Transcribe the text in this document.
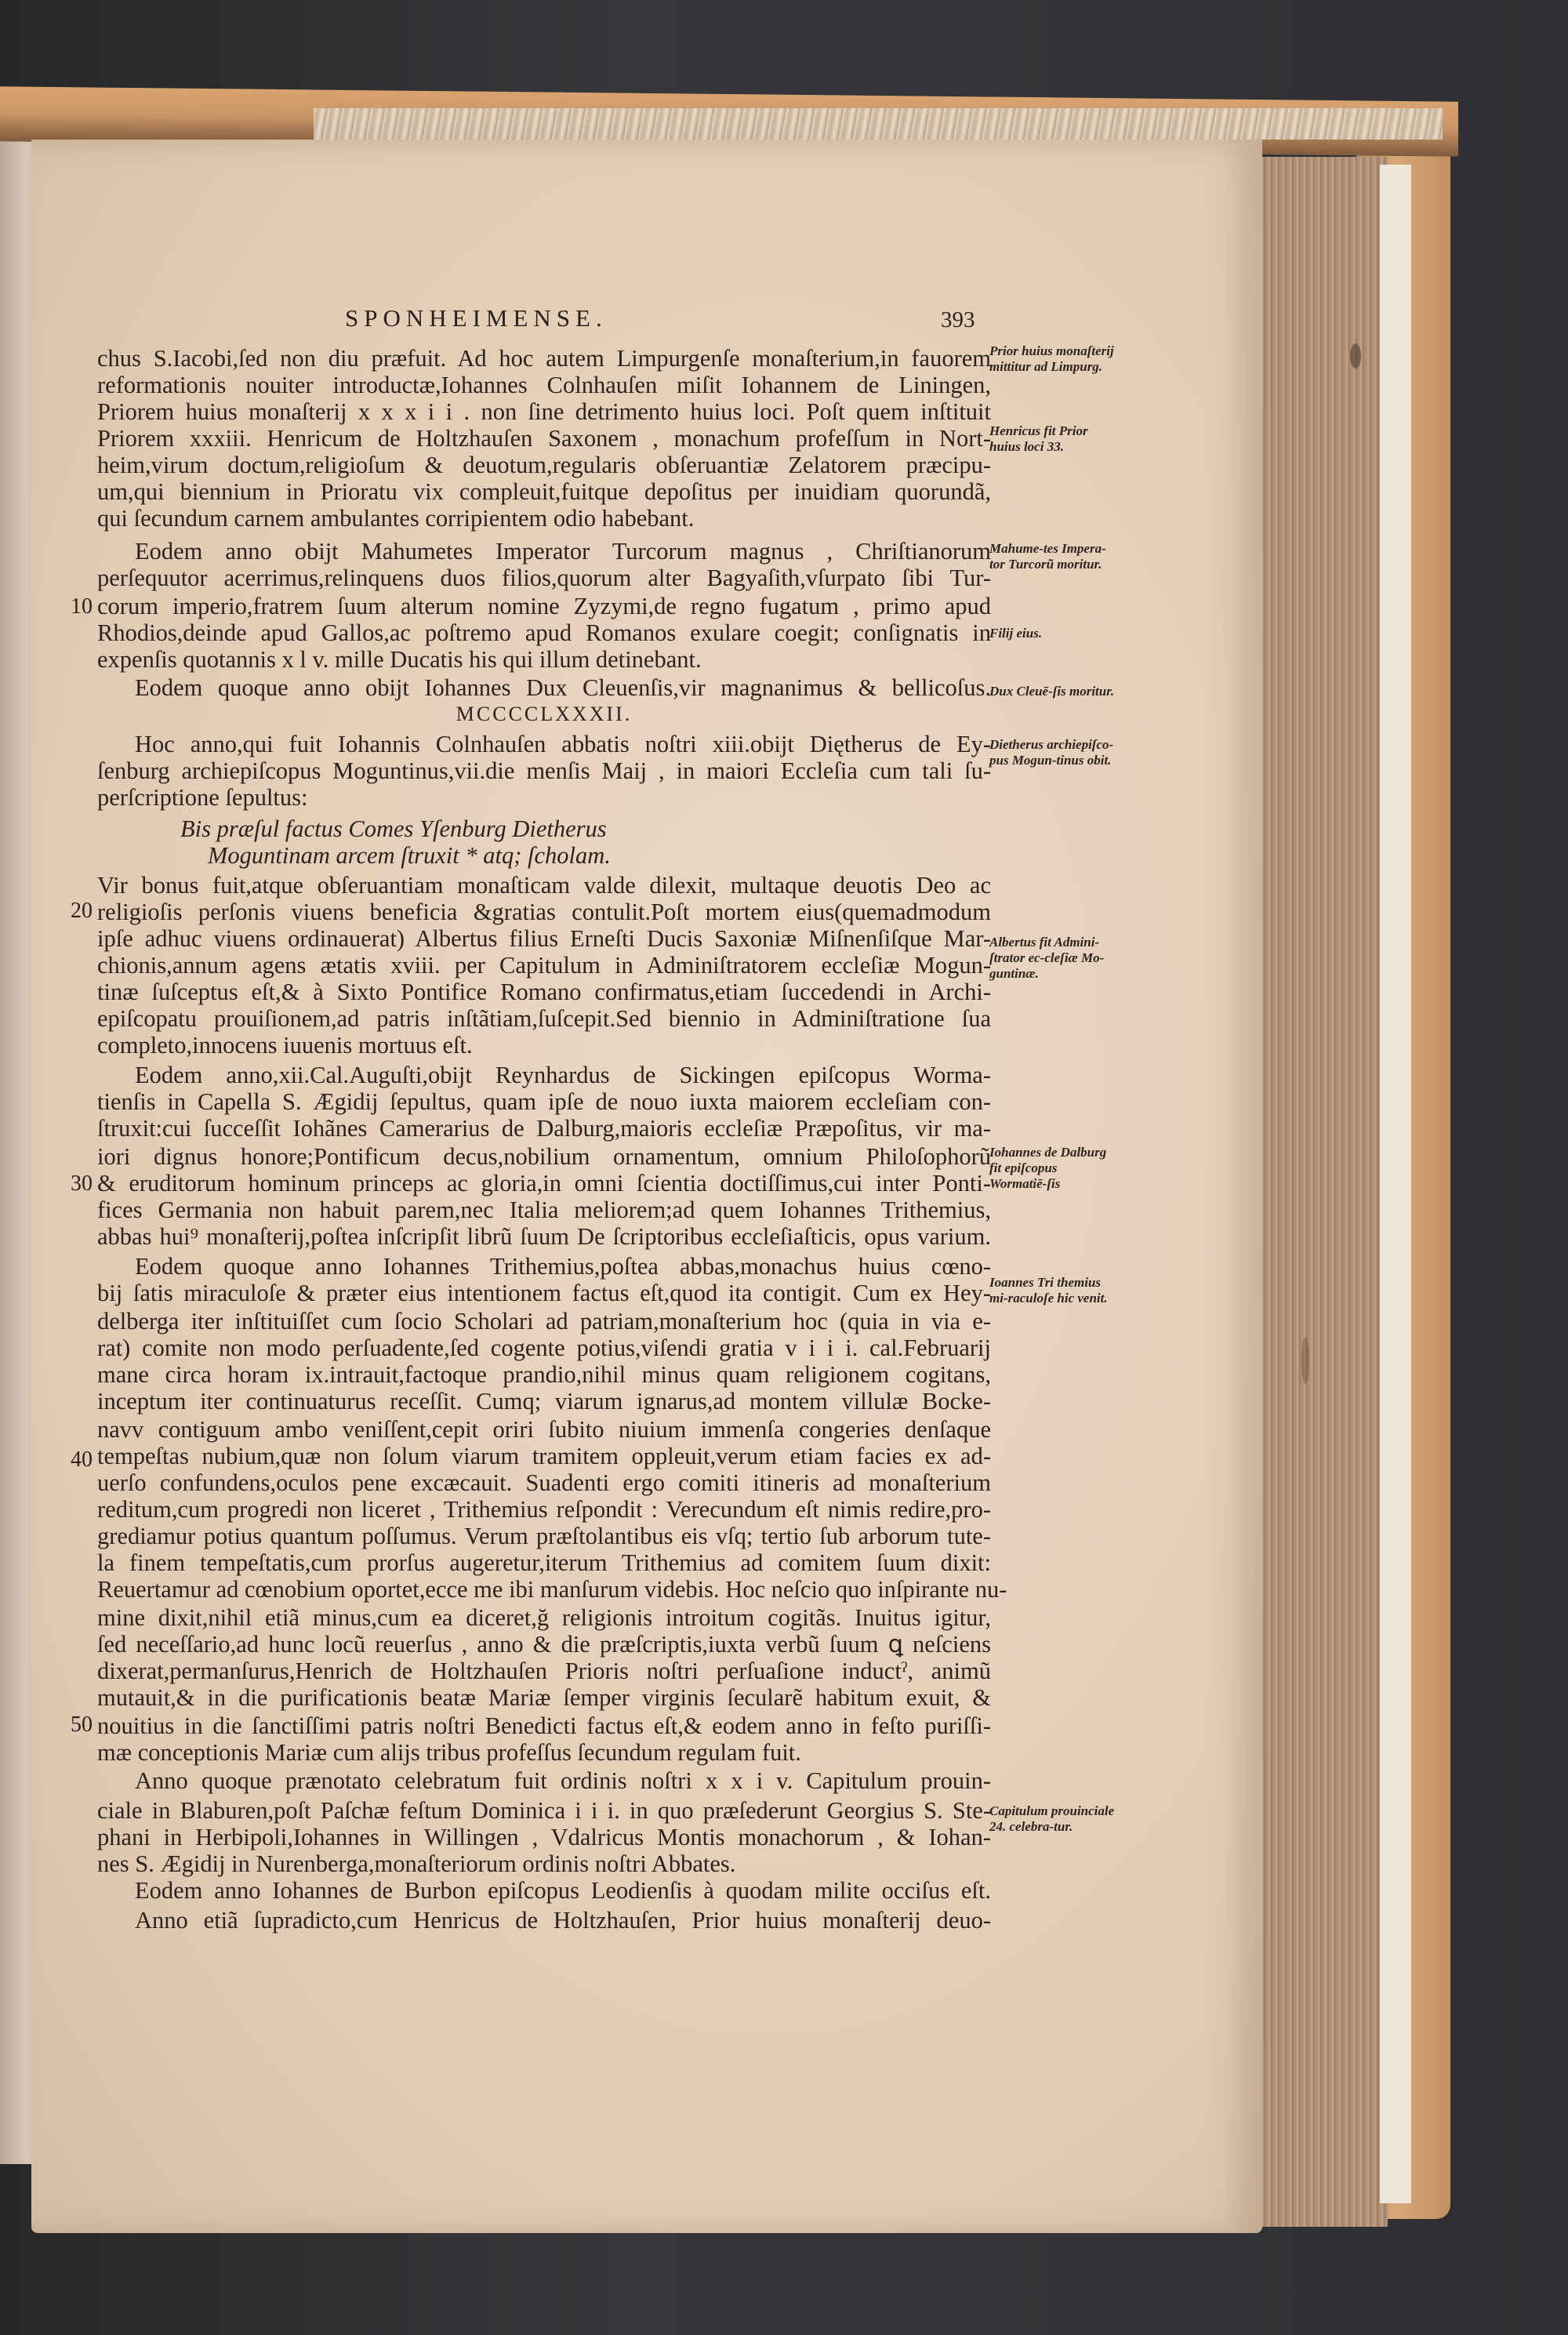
SPONHEIMENSE.	393
chus S.Iacobi,ſed non diu præfuit. Ad hoc autem Limpurgenſe monaſterium,in fauorem
reformationis nouiter introductæ,Iohannes Colnhauſen miſit Iohannem de Liningen,
Priorem huius monaſterij x x x i i . non ſine detrimento huius loci. Poſt quem inſtituit
Priorem xxxiii. Henricum de Holtzhauſen Saxonem , monachum profeſſum in Nort-
heim,virum doctum,religioſum & deuotum,regularis obſeruantiæ Zelatorem præcipu-
um,qui biennium in Prioratu vix compleuit,fuitque depoſitus per inuidiam quorundã,
qui ſecundum carnem ambulantes corripientem odio habebant.
Eodem anno obijt Mahumetes Imperator Turcorum magnus , Chriſtianorum
perſequutor acerrimus,relinquens duos filios,quorum alter Bagyaſith,vſurpato ſibi Tur-
corum imperio,fratrem ſuum alterum nomine Zyzymi,de regno fugatum , primo apud
Rhodios,deinde apud Gallos,ac poſtremo apud Romanos exulare coegit; conſignatis in
expenſis quotannis x l v. mille Ducatis his qui illum detinebant.
Eodem quoque anno obijt Iohannes Dux Cleuenſis,vir magnanimus & bellicoſus.
MCCCCLXXXII.
Hoc anno,qui fuit Iohannis Colnhauſen abbatis noſtri xiii.obijt Diętherus de Ey-
ſenburg archiepiſcopus Moguntinus,vii.die menſis Maij , in maiori Eccleſia cum tali ſu-
perſcriptione ſepultus:
Bis præſul factus Comes Yſenburg Dietherus
Moguntinam arcem ſtruxit * atq; ſcholam.
Vir bonus fuit,atque obſeruantiam monaſticam valde dilexit, multaque deuotis Deo ac
religioſis perſonis viuens beneficia &gratias contulit.Poſt mortem eius(quemadmodum
ipſe adhuc viuens ordinauerat) Albertus filius Erneſti Ducis Saxoniæ Miſnenſiſque Mar-
chionis,annum agens ætatis xviii. per Capitulum in Adminiſtratorem eccleſiæ Mogun-
tinæ ſuſceptus eſt,& à Sixto Pontifice Romano confirmatus,etiam ſuccedendi in Archi-
epiſcopatu prouiſionem,ad patris inſtãtiam,ſuſcepit.Sed biennio in Adminiſtratione ſua
completo,innocens iuuenis mortuus eſt.
Eodem anno,xii.Cal.Auguſti,obijt Reynhardus de Sickingen epiſcopus Worma-
tienſis in Capella S. Ægidij ſepultus, quam ipſe de nouo iuxta maiorem eccleſiam con-
ſtruxit:cui ſucceſſit Iohãnes Camerarius de Dalburg,maioris eccleſiæ Præpoſitus, vir ma-
iori dignus honore;Pontificum decus,nobilium ornamentum, omnium Philoſophorũ
& eruditorum hominum princeps ac gloria,in omni ſcientia doctiſſimus,cui inter Ponti-
fices Germania non habuit parem,nec Italia meliorem;ad quem Iohannes Trithemius,
abbas hui⁹ monaſterij,poſtea inſcripſit librũ ſuum De ſcriptoribus eccleſiaſticis, opus varium.
Eodem quoque anno Iohannes Trithemius,poſtea abbas,monachus huius cœno-
bij ſatis miraculoſe & præter eius intentionem factus eſt,quod ita contigit. Cum ex Hey-
delberga iter inſtituiſſet cum ſocio Scholari ad patriam,monaſterium hoc (quia in via e-
rat) comite non modo perſuadente,ſed cogente potius,viſendi gratia v i i i. cal.Februarij
mane circa horam ix.intrauit,factoque prandio,nihil minus quam religionem cogitans,
inceptum iter continuaturus receſſit. Cumq; viarum ignarus,ad montem villulæ Bocke-
navv contiguum ambo veniſſent,cepit oriri ſubito niuium immenſa congeries denſaque
tempeſtas nubium,quæ non ſolum viarum tramitem oppleuit,verum etiam facies ex ad-
uerſo confundens,oculos pene excæcauit. Suadenti ergo comiti itineris ad monaſterium
reditum,cum progredi non liceret , Trithemius reſpondit : Verecundum eſt nimis redire,pro-
grediamur potius quantum poſſumus. Verum præſtolantibus eis vſq; tertio ſub arborum tute-
la finem tempeſtatis,cum prorſus augeretur,iterum Trithemius ad comitem ſuum dixit:
Reuertamur ad cœnobium oportet,ecce me ibi manſurum videbis. Hoc neſcio quo inſpirante nu-
mine dixit,nihil etiã minus,cum ea diceret,ğ religionis introitum cogitãs. Inuitus igitur,
ſed neceſſario,ad hunc locũ reuerſus , anno & die præſcriptis,iuxta verbũ ſuum ꝗ neſciens
dixerat,permanſurus,Henrich de Holtzhauſen Prioris noſtri perſuaſione inductˀ, animũ
mutauit,& in die purificationis beatæ Mariæ ſemper virginis ſecularẽ habitum exuit, &
nouitius in die ſanctiſſimi patris noſtri Benedicti factus eſt,& eodem anno in feſto puriſſi-
mæ conceptionis Mariæ cum alijs tribus profeſſus ſecundum regulam fuit.
Anno quoque prænotato celebratum fuit ordinis noſtri x x i v. Capitulum prouin-
ciale in Blaburen,poſt Paſchæ feſtum Dominica i i i. in quo præſederunt Georgius S. Ste-
phani in Herbipoli,Iohannes in Willingen , Vdalricus Montis monachorum , & Iohan-
nes S. Ægidij in Nurenberga,monaſteriorum ordinis noſtri Abbates.
Eodem anno Iohannes de Burbon epiſcopus Leodienſis à quodam milite occiſus eſt.
Anno etiã ſupradicto,cum Henricus de Holtzhauſen, Prior huius monaſterij deuo-
10
20
30
40
50
Prior huius monaſterij mittitur ad Limpurg.
Henricus fit Prior huius loci 33.
Mahume-tes Impera-tor Turcorũ moritur.
Filij eius.
Dux Cleuē-ſis moritur.
Dietherus archiepiſco-pus Mogun-tinus obit.
Albertus fit Admini-ſtrator ec-cleſiæ Mo-guntinæ.
Iohannes de Dalburg fit epiſcopus Wormatiē-ſis
Ioannes Tri themius mi-raculoſe hic venit.
Capitulum prouinciale 24. celebra-tur.
